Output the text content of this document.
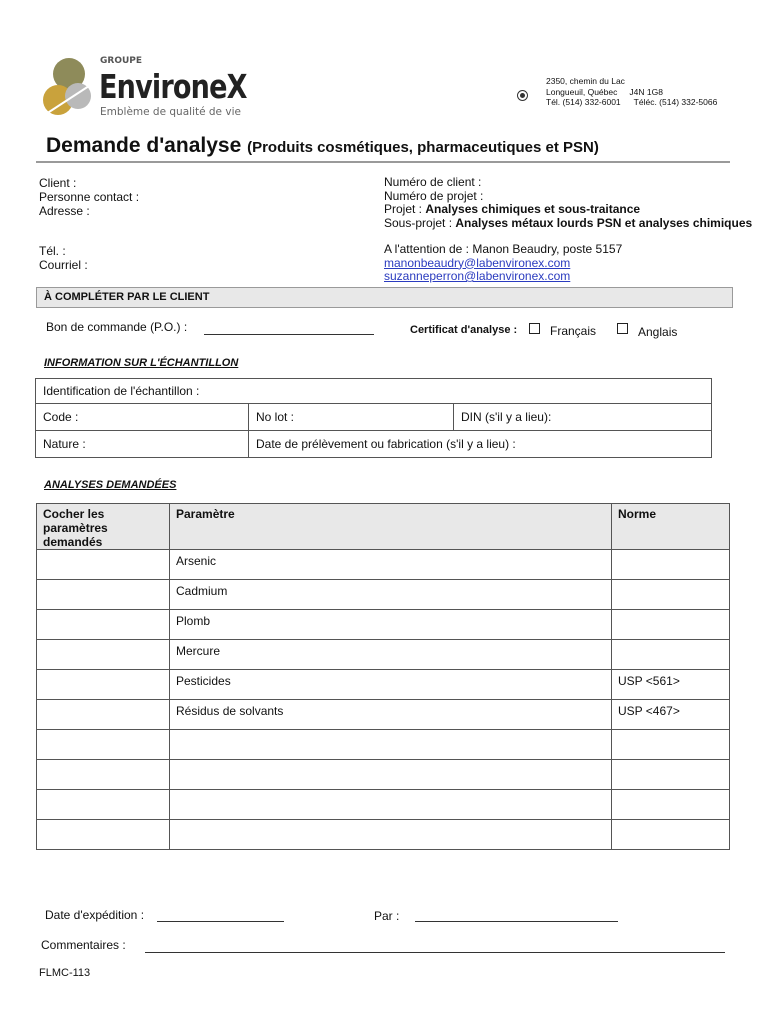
GROUPE
EnvironeX
Emblème de qualité de vie
2350, chemin du Lac
Longueuil, Québec J4N 1G8
Tél. (514) 332-6001 Téléc. (514) 332-5066
Demande d'analyse (Produits cosmétiques, pharmaceutiques et PSN)
Client :
Personne contact :
Adresse :
Tél. :
Courriel :
Numéro de client :
Numéro de projet :
Projet : Analyses chimiques et sous-traitance
Sous-projet : Analyses métaux lourds PSN et analyses chimiques
A l'attention de : Manon Beaudry, poste 5157
manonbeaudry@labenvironex.com
suzanneperron@labenvironex.com
À COMPLÉTER PAR LE CLIENT
Bon de commande (P.O.) :	Certificat d'analyse :	Français	Anglais
INFORMATION SUR L'ÉCHANTILLON
Identification de l'échantillon :		
Code :	No lot :	DIN (s'il y a lieu):
Nature :	Date de prélèvement ou fabrication (s'il y a lieu) :	
ANALYSES DEMANDÉES
Cocher les paramètres demandés	Paramètre	Norme
	Arsenic	
	Cadmium	
	Plomb	
	Mercure	
	Pesticides	USP <561>
	Résidus de solvants	USP <467>

Date d'expédition :	Par :
Commentaires :
FLMC-113
